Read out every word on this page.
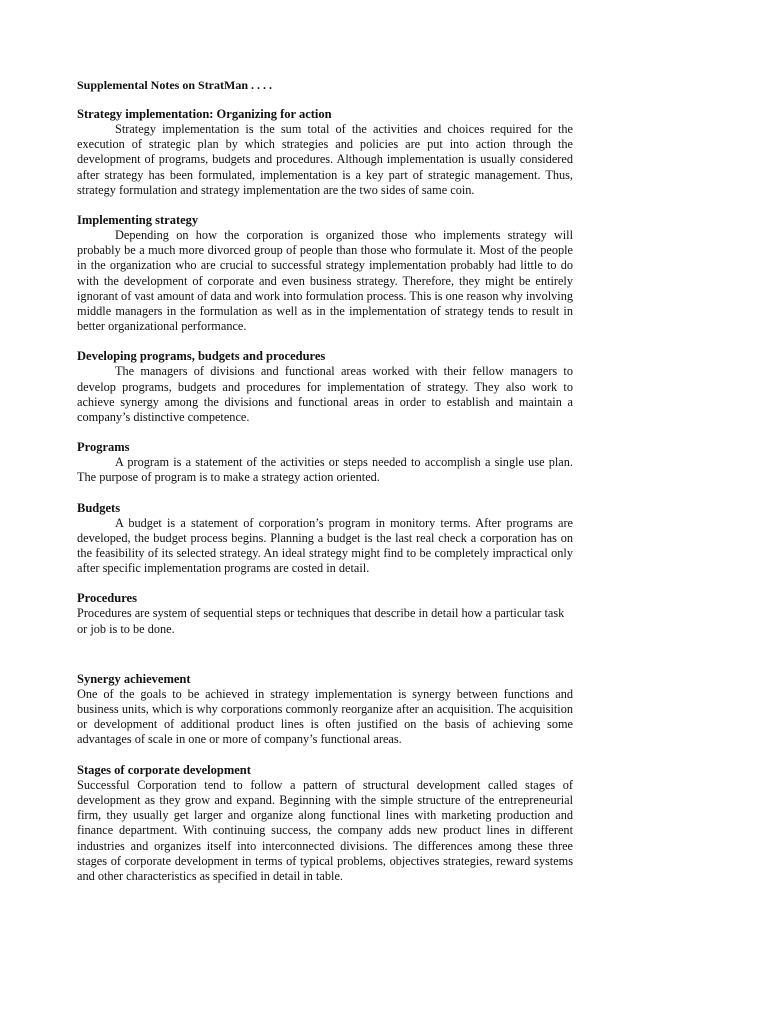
Supplemental Notes on StratMan . . . .
Strategy implementation: Organizing for action

Strategy implementation is the sum total of the activities and choices required for the execution of strategic plan by which strategies and policies are put into action through the development of programs, budgets and procedures. Although implementation is usually considered after strategy has been formulated, implementation is a key part of strategic management. Thus, strategy formulation and strategy implementation are the two sides of same coin.

Implementing strategy

Depending on how the corporation is organized those who implements strategy will probably be a much more divorced group of people than those who formulate it. Most of the people in the organization who are crucial to successful strategy implementation probably had little to do with the development of corporate and even business strategy. Therefore, they might be entirely ignorant of vast amount of data and work into formulation process. This is one reason why involving middle managers in the formulation as well as in the implementation of strategy tends to result in better organizational performance.

Developing programs, budgets and procedures

The managers of divisions and functional areas worked with their fellow managers to develop programs, budgets and procedures for implementation of strategy. They also work to achieve synergy among the divisions and functional areas in order to establish and maintain a company’s distinctive competence.

Programs

A program is a statement of the activities or steps needed to accomplish a single use plan. The purpose of program is to make a strategy action oriented.

Budgets

A budget is a statement of corporation’s program in monitory terms. After programs are developed, the budget process begins. Planning a budget is the last real check a corporation has on the feasibility of its selected strategy. An ideal strategy might find to be completely impractical only after specific implementation programs are costed in detail.

Procedures

Procedures are system of sequential steps or techniques that describe in detail how a particular task or job is to be done.

Synergy achievement

One of the goals to be achieved in strategy implementation is synergy between functions and business units, which is why corporations commonly reorganize after an acquisition. The acquisition or development of additional product lines is often justified on the basis of achieving some advantages of scale in one or more of company’s functional areas.

Stages of corporate development

Successful Corporation tend to follow a pattern of structural development called stages of development as they grow and expand. Beginning with the simple structure of the entrepreneurial firm, they usually get larger and organize along functional lines with marketing production and finance department. With continuing success, the company adds new product lines in different industries and organizes itself into interconnected divisions. The differences among these three stages of corporate development in terms of typical problems, objectives strategies, reward systems and other characteristics as specified in detail in table.
